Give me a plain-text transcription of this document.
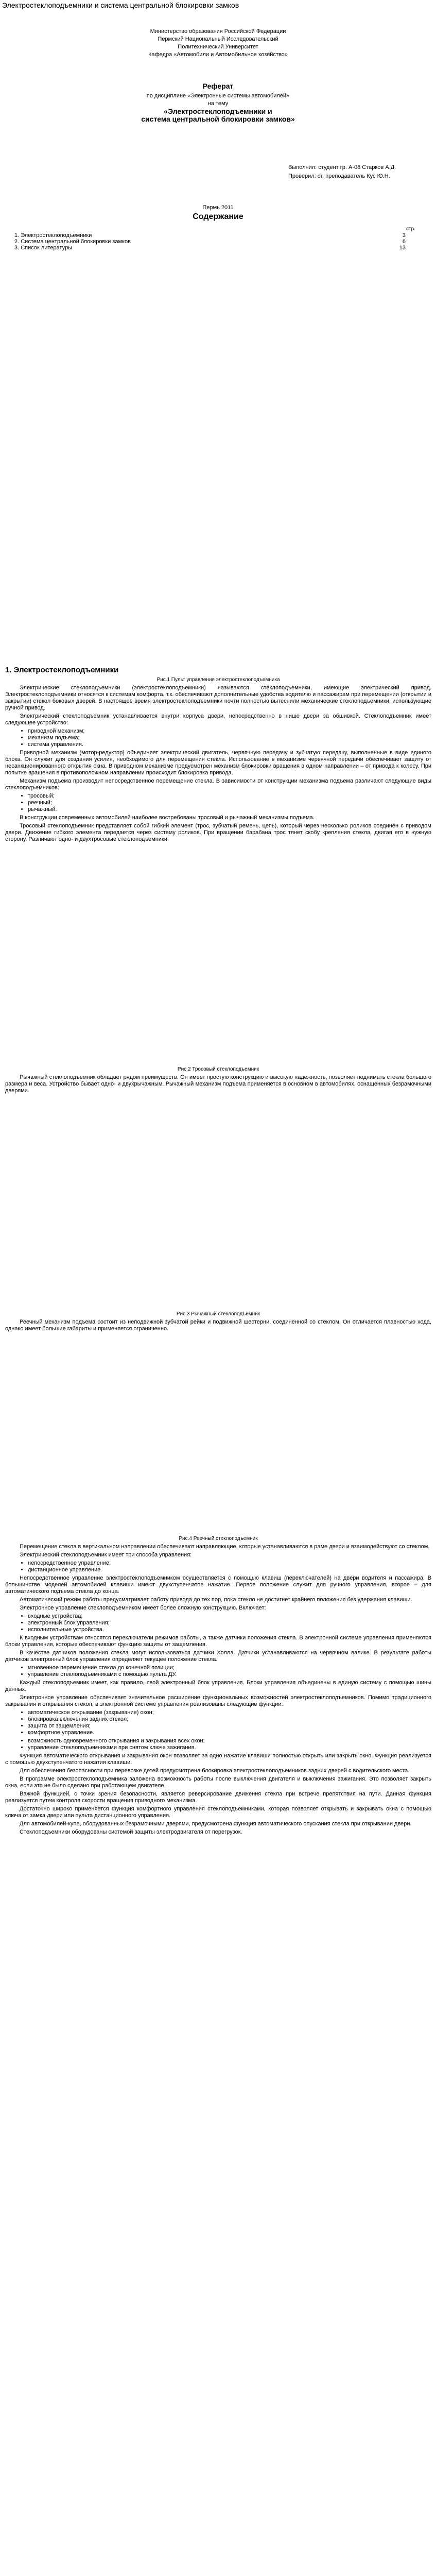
Электростеклоподъемники и система центральной блокировки замков
Министерство образования Российской Федерации
Пермский Национальный Исследовательский
Политехнический Университет
Кафедра «Автомобили и Автомобильное хозяйство»
Реферат
по дисциплине «Электронные системы автомобилей»
на тему
«Электростеклоподъемники и
система центральной блокировки замков»
Выполнил: студент гр. А-08 Старков А.Д.
Проверил: ст. преподаватель Кус Ю.Н.
Пермь 2011
Содержание
стр.
1. Электростеклоподъемники	3
2. Система центральной блокировки замков	6
3. Список литературы	13
1. Электростеклоподъемники

Рис.1 Пульт управления электростеклоподъемника

Электрические стеклоподъемники (электростеклоподъемники) называются стеклоподъемники, имеющие электрический привод. Электростеклоподъемники относятся к системам комфорта, т.к. обеспечивают дополнительные удобства водителю и пассажирам при перемещении (открытии и закрытии) стекол боковых дверей. В настоящее время электростеклоподъемники почти полностью вытеснили механические стеклоподъемники, использующие ручной привод.

Электрический стеклоподъемник устанавливается внутри корпуса двери, непосредственно в нише двери за обшивкой. Стеклоподъемник имеет следующее устройство:

• приводной механизм;
• механизм подъема;
• система управления.

Приводной механизм (мотор-редуктор) объединяет электрический двигатель, червячную передачу и зубчатую передачу, выполненные в виде единого блока. Он служит для создания усилия, необходимого для перемещения стекла. Использование в механизме червячной передачи обеспечивает защиту от несанкционированного открытия окна. В приводном механизме предусмотрен механизм блокировки вращения в одном направлении – от привода к колесу. При попытке вращения в противоположном направлении происходит блокировка привода.

Механизм подъема производит непосредственное перемещение стекла. В зависимости от конструкции механизма подъема различают следующие виды стеклоподъемников:

• тросовый;
• реечный;
• рычажный.

В конструкции современных автомобилей наиболее востребованы тросовый и рычажный механизмы подъема.

Тросовый стеклоподъемник представляет собой гибкий элемент (трос, зубчатый ремень, цепь), который через несколько роликов соединён с приводом двери. Движение гибкого элемента передается через систему роликов. При вращении барабана трос тянет скобу крепления стекла, двигая его в нужную сторону. Различают одно- и двухтросовые стеклоподъемники.

Рис.2 Тросовый стеклоподъемник

Рычажный стеклоподъемник обладает рядом преимуществ. Он имеет простую конструкцию и высокую надежность, позволяет поднимать стекла большого размера и веса. Устройство бывает одно- и двухрычажным. Рычажный механизм подъема применяется в основном в автомобилях, оснащенных безрамочными дверями.

Рис.3 Рычажный стеклоподъемник

Реечный механизм подъема состоит из неподвижной зубчатой рейки и подвижной шестерни, соединенной со стеклом. Он отличается плавностью хода, однако имеет большие габариты и применяется ограниченно.

Рис.4 Реечный стеклоподъемник

Перемещение стекла в вертикальном направлении обеспечивают направляющие, которые устанавливаются в раме двери и взаимодействуют со стеклом.

Электрический стеклоподъемник имеет три способа управления:

• непосредственное управление;
• дистанционное управление.

Непосредственное управление электростеклоподъемником осуществляется с помощью клавиш (переключателей) на двери водителя и пассажира. В большинстве моделей автомобилей клавиши имеют двухступенчатое нажатие. Первое положение служит для ручного управления, второе – для автоматического подъема стекла до конца.

Автоматический режим работы предусматривает работу привода до тех пор, пока стекло не достигнет крайнего положения без удержания клавиши.

Электронное управление стеклоподъемником имеет более сложную конструкцию. Включает:

• входные устройства;
• электронный блок управления;
• исполнительные устройства.

К входным устройствам относятся переключатели режимов работы, а также датчики положения стекла. В электронной системе управления применяются блоки управления, которые обеспечивают функцию защиты от защемления.

В качестве датчиков положения стекла могут использоваться датчики Холла. Датчики устанавливаются на червячном валике. В результате работы датчиков электронный блок управления определяет текущее положение стекла.

• мгновенное перемещение стекла до конечной позиции;
• управление стеклоподъемниками с помощью пульта ДУ.

Каждый стеклоподъемник имеет, как правило, свой электронный блок управления. Блоки управления объединены в единую систему с помощью шины данных.

Электронное управление обеспечивает значительное расширение функциональных возможностей электростеклоподъемников. Помимо традиционного закрывания и открывания стекол, в электронной системе управления реализованы следующие функции:

• автоматическое открывание (закрывание) окон;
• блокировка включения задних стекол;
• защита от защемления;
• комфортное управление.
• возможность одновременного открывания и закрывания всех окон;
• управление стеклоподъемниками при снятом ключе зажигания.

Функция автоматического открывания и закрывания окон позволяет за одно нажатие клавиши полностью открыть или закрыть окно. Функция реализуется с помощью двухступенчатого нажатия клавиши.

Для обеспечения безопасности при перевозке детей предусмотрена блокировка электростеклоподъемников задних дверей с водительского места.

В программе электростеклоподъемника заложена возможность работы после выключения двигателя и выключения зажигания. Это позволяет закрыть окна, если это не было сделано при работающем двигателе.

Важной функцией, с точки зрения безопасности, является реверсирование движения стекла при встрече препятствия на пути. Данная функция реализуется путем контроля скорости вращения приводного механизма.

Достаточно широко применяется функция комфортного управления стеклоподъемниками, которая позволяет открывать и закрывать окна с помощью ключа от замка двери или пульта дистанционного управления.

Для автомобилей-купе, оборудованных безрамочными дверями, предусмотрена функция автоматического опускания стекла при открывании двери.

Стеклоподъемники оборудованы системой защиты электродвигателя от перегрузок.
